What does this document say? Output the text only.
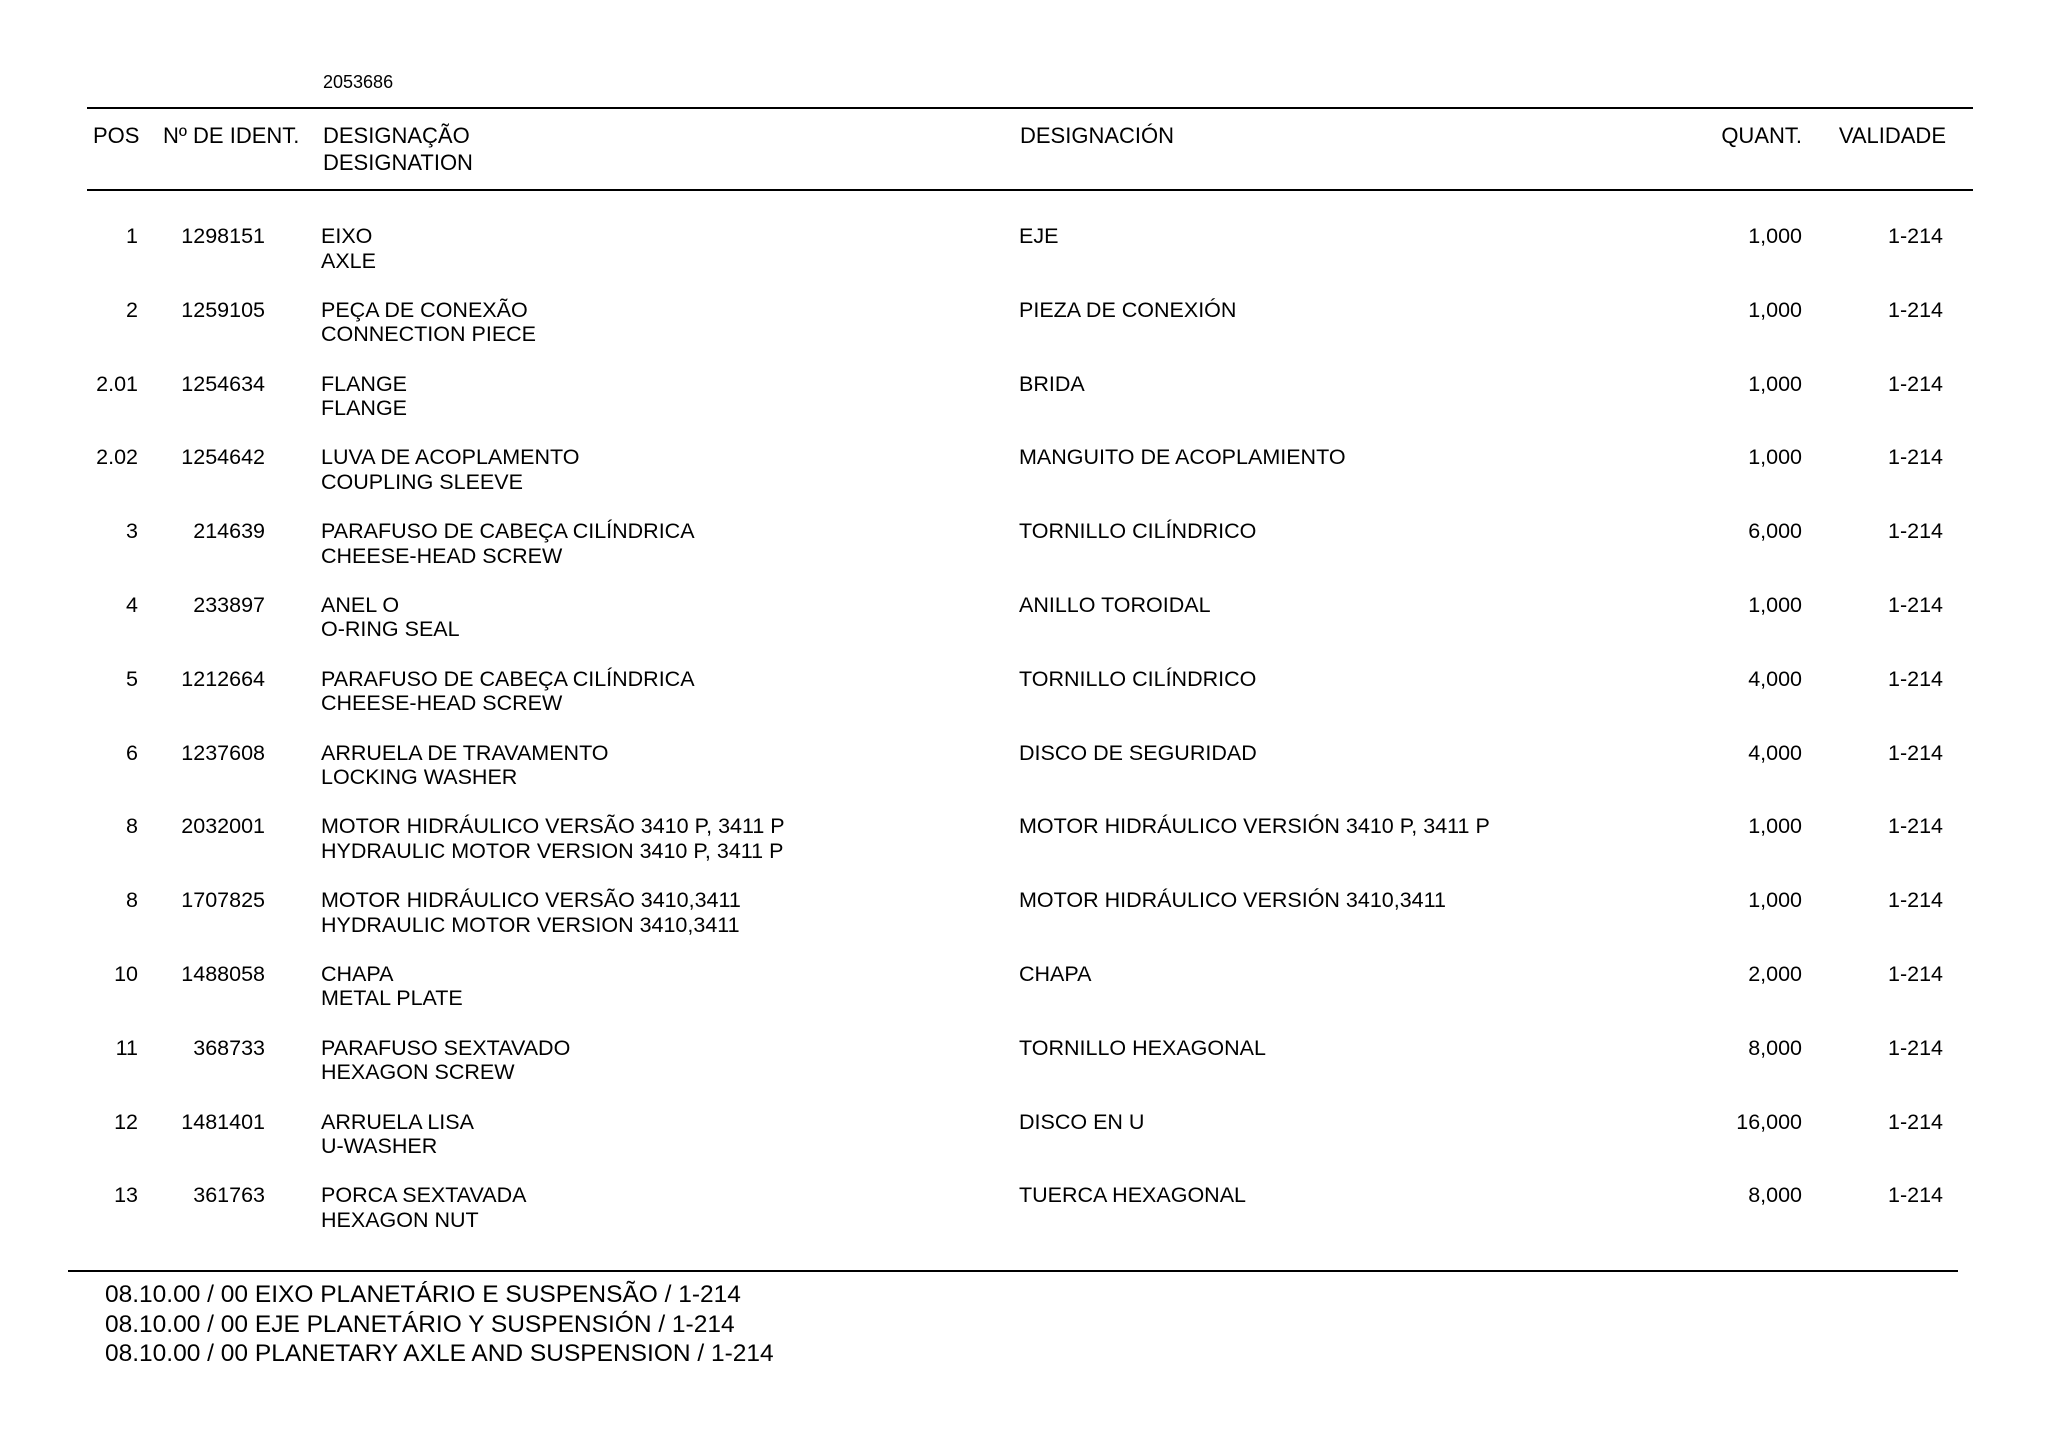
2053686
POS Nº DE IDENT. DESIGNAÇÃO
DESIGNATION
DESIGNACIÓN	QUANT. VALIDADE
1 1298151	EIXO
AXLE
EJE	1,000	1-214
2 1259105	PEÇA DE CONEXÃO
CONNECTION PIECE
PIEZA DE CONEXIÓN	1,000	1-214
2.01 1254634	FLANGE
FLANGE
BRIDA	1,000	1-214
2.02 1254642	LUVA DE ACOPLAMENTO
COUPLING SLEEVE
MANGUITO DE ACOPLAMIENTO	1,000	1-214
3	214639	PARAFUSO DE CABEÇA CILÍNDRICA
CHEESE-HEAD SCREW
TORNILLO CILÍNDRICO	6,000	1-214
4	233897	ANEL O
O-RING SEAL
ANILLO TOROIDAL	1,000	1-214
5 1212664	PARAFUSO DE CABEÇA CILÍNDRICA
CHEESE-HEAD SCREW
TORNILLO CILÍNDRICO	4,000	1-214
6 1237608	ARRUELA DE TRAVAMENTO
LOCKING WASHER
DISCO DE SEGURIDAD	4,000	1-214
8 2032001	MOTOR HIDRÁULICO VERSÃO 3410 P, 3411 P
HYDRAULIC MOTOR VERSION 3410 P, 3411 P
MOTOR HIDRÁULICO VERSIÓN 3410 P, 3411 P	1,000	1-214
8 1707825	MOTOR HIDRÁULICO VERSÃO 3410,3411
HYDRAULIC MOTOR VERSION 3410,3411
MOTOR HIDRÁULICO VERSIÓN 3410,3411	1,000	1-214
10 1488058	CHAPA
METAL PLATE
CHAPA	2,000	1-214
11	368733	PARAFUSO SEXTAVADO
HEXAGON SCREW
TORNILLO HEXAGONAL	8,000	1-214
12 1481401	ARRUELA LISA
U-WASHER
DISCO EN U	16,000	1-214
13	361763	PORCA SEXTAVADA
HEXAGON NUT
TUERCA HEXAGONAL	8,000	1-214
08.10.00 / 00 EIXO PLANETÁRIO E SUSPENSÃO / 1-214
08.10.00 / 00 EJE PLANETÁRIO Y SUSPENSIÓN / 1-214
08.10.00 / 00 PLANETARY AXLE AND SUSPENSION / 1-214
